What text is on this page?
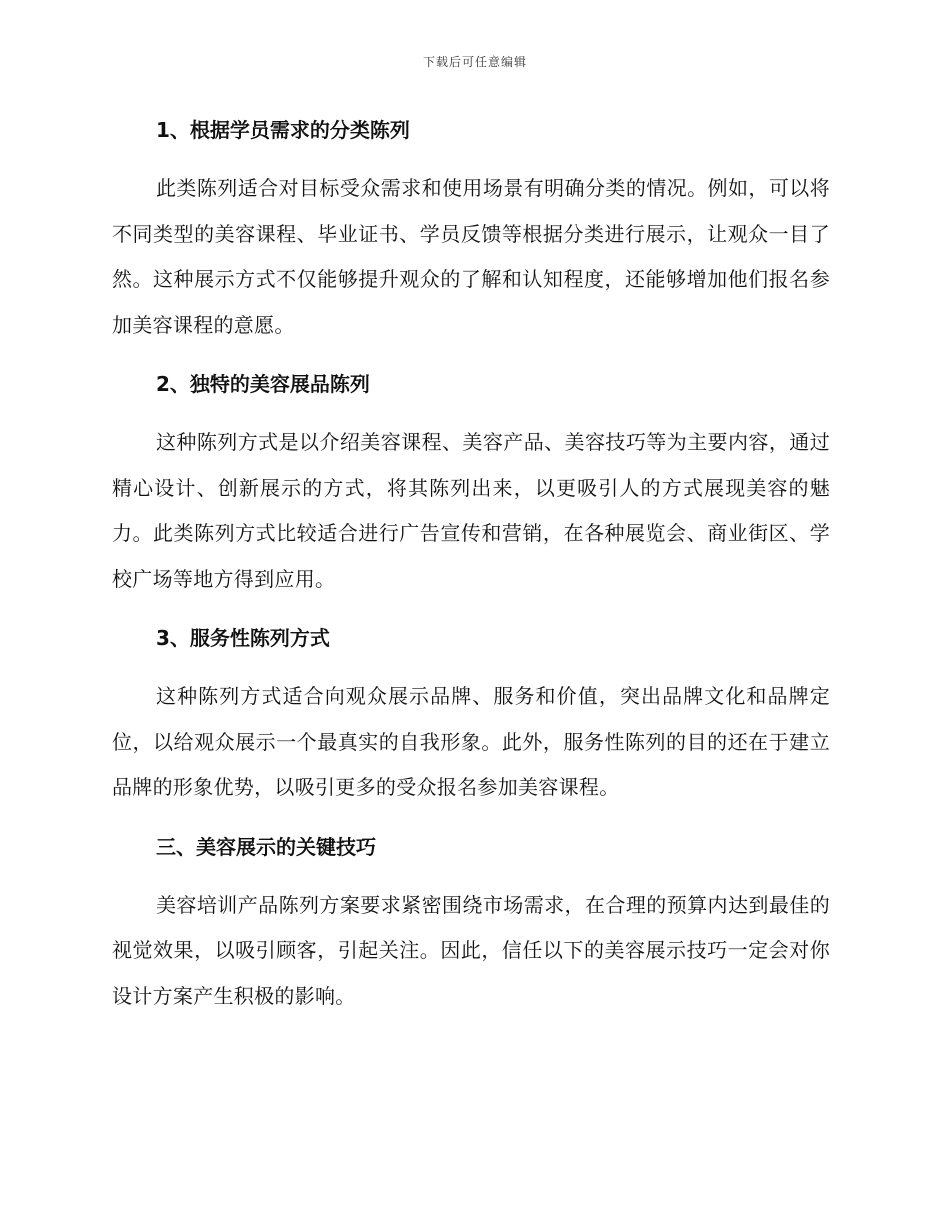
下载后可任意编辑
1、根据学员需求的分类陈列

此类陈列适合对目标受众需求和使用场景有明确分类的情况。例如，可以将不同类型的美容课程、毕业证书、学员反馈等根据分类进行展示，让观众一目了然。这种展示方式不仅能够提升观众的了解和认知程度，还能够增加他们报名参加美容课程的意愿。

2、独特的美容展品陈列

这种陈列方式是以介绍美容课程、美容产品、美容技巧等为主要内容，通过精心设计、创新展示的方式，将其陈列出来，以更吸引人的方式展现美容的魅力。此类陈列方式比较适合进行广告宣传和营销，在各种展览会、商业街区、学校广场等地方得到应用。

3、服务性陈列方式

这种陈列方式适合向观众展示品牌、服务和价值，突出品牌文化和品牌定位，以给观众展示一个最真实的自我形象。此外，服务性陈列的目的还在于建立品牌的形象优势，以吸引更多的受众报名参加美容课程。

三、美容展示的关键技巧

美容培训产品陈列方案要求紧密围绕市场需求，在合理的预算内达到最佳的视觉效果，以吸引顾客，引起关注。因此，信任以下的美容展示技巧一定会对你设计方案产生积极的影响。
